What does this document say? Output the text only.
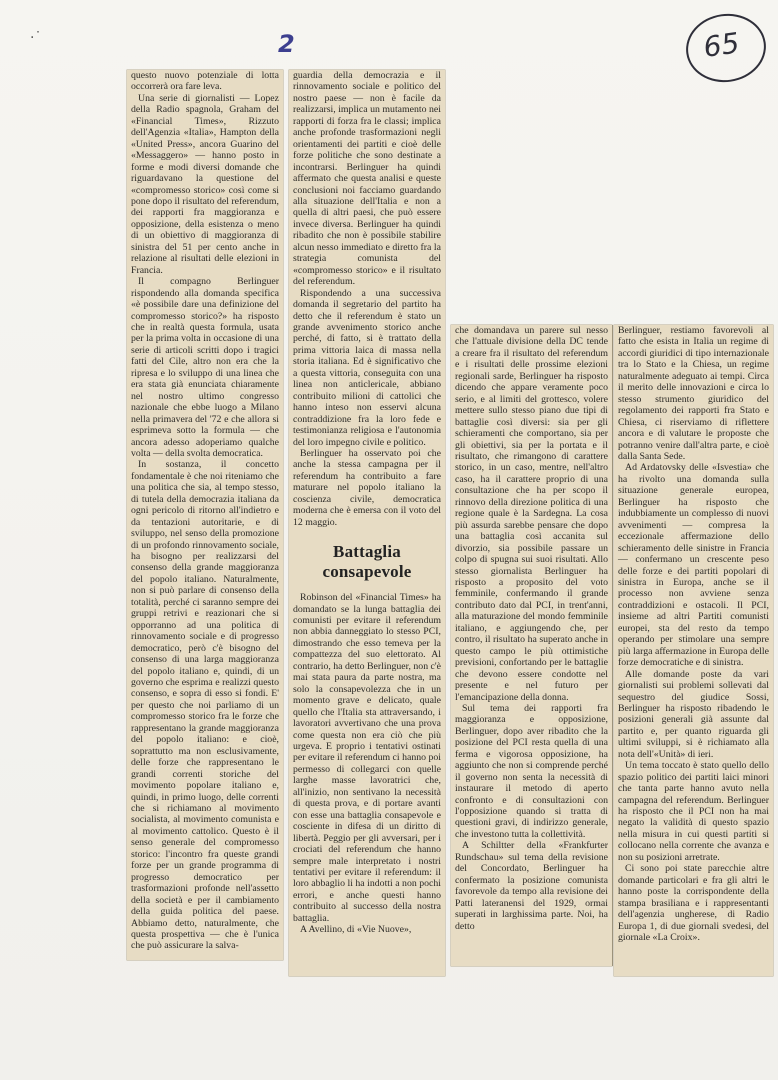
·˙	2	65

questo nuovo potenziale di lotta occorrerà ora fare leva.

Una serie di giornalisti — Lopez della Radio spagnola, Graham del «Financial Times», Rizzuto dell'Agenzia «Italia», Hampton della «United Press», ancora Guarino del «Messaggero» — hanno posto in forme e modi diversi domande che riguardavano la questione del «compromesso storico» così come si pone dopo il risultato del referendum, dei rapporti fra maggioranza e opposizione, della esistenza o meno di un obiettivo di maggioranza di sinistra del 51 per cento anche in relazione al risultati delle elezioni in Francia.

Il compagno Berlinguer rispondendo alla domanda specifica «è possibile dare una definizione del compromesso storico?» ha risposto che in realtà questa formula, usata per la prima volta in occasione di una serie di articoli scritti dopo i tragici fatti del Cile, altro non era che la ripresa e lo sviluppo di una linea che era stata già enunciata chiaramente nel nostro ultimo congresso nazionale che ebbe luogo a Milano nella primavera del '72 e che allora si esprimeva sotto la formula — che ancora adesso adoperiamo qualche volta — della svolta democratica.

In sostanza, il concetto fondamentale è che noi riteniamo che una politica che sia, al tempo stesso, di tutela della democrazia italiana da ogni pericolo di ritorno all'indietro e da tentazioni autoritarie, e di sviluppo, nel senso della promozione di un profondo rinnovamento sociale, ha bisogno per realizzarsi del consenso della grande maggioranza del popolo italiano. Naturalmente, non si può parlare di consenso della totalità, perché ci saranno sempre dei gruppi retrivi e reazionari che si opporranno ad una politica di rinnovamento sociale e di progresso democratico, però c'è bisogno del consenso di una larga maggioranza del popolo italiano e, quindi, di un governo che esprima e realizzi questo consenso, e sopra di esso si fondi. E' per questo che noi parliamo di un compromesso storico fra le forze che rappresentano la grande maggioranza del popolo italiano: e cioè, soprattutto ma non esclusivamente, delle forze che rappresentano le grandi correnti storiche del movimento popolare italiano e, quindi, in primo luogo, delle correnti che si richiamano al movimento socialista, al movimento comunista e al movimento cattolico. Questo è il senso generale del compromesso storico: l'incontro fra queste grandi forze per un grande programma di progresso democratico per trasformazioni profonde nell'assetto della società e per il cambiamento della guida politica del paese. Abbiamo detto, naturalmente, che questa prospettiva — che è l'unica che può assicurare la salva-

guardia della democrazia e il rinnovamento sociale e politico del nostro paese — non è facile da realizzarsi, implica un mutamento nei rapporti di forza fra le classi; implica anche profonde trasformazioni negli orientamenti dei partiti e cioè delle forze politiche che sono destinate a incontrarsi. Berlinguer ha quindi affermato che questa analisi e queste conclusioni noi facciamo guardando alla situazione dell'Italia e non a quella di altri paesi, che può essere invece diversa. Berlinguer ha quindi ribadito che non è possibile stabilire alcun nesso immediato e diretto fra la strategia comunista del «compromesso storico» e il risultato del referendum.

Rispondendo a una successiva domanda il segretario del partito ha detto che il referendum è stato un grande avvenimento storico anche perché, di fatto, si è trattato della prima vittoria laica di massa nella storia italiana. Ed è significativo che a questa vittoria, conseguita con una linea non anticlericale, abbiano contribuito milioni di cattolici che hanno inteso non esservi alcuna contraddizione fra la loro fede e testimonianza religiosa e l'autonomia del loro impegno civile e politico.

Berlinguer ha osservato poi che anche la stessa campagna per il referendum ha contribuito a fare maturare nel popolo italiano la coscienza civile, democratica moderna che è emersa con il voto del 12 maggio.

Battaglia
consapevole

Robinson del «Financial Times» ha domandato se la lunga battaglia dei comunisti per evitare il referendum non abbia danneggiato lo stesso PCI, dimostrando che esso temeva per la compattezza del suo elettorato. Al contrario, ha detto Berlinguer, non c'è mai stata paura da parte nostra, ma solo la consapevolezza che in un momento grave e delicato, quale quello che l'Italia sta attraversando, i lavoratori avvertivano che una prova come questa non era ciò che più urgeva. E proprio i tentativi ostinati per evitare il referendum ci hanno poi permesso di collegarci con quelle larghe masse lavoratrici che, all'inizio, non sentivano la necessità di questa prova, e di portare avanti con esse una battaglia consapevole e cosciente in difesa di un diritto di libertà. Peggio per gli avversari, per i crociati del referendum che hanno sempre male interpretato i nostri tentativi per evitare il referendum: il loro abbaglio li ha indotti a non pochi errori, e anche questi hanno contribuito al successo della nostra battaglia.

A Avellino, di «Vie Nuove»,

che domandava un parere sul nesso che l'attuale divisione della DC tende a creare fra il risultato del referendum e i risultati delle prossime elezioni regionali sarde, Berlinguer ha risposto dicendo che appare veramente poco serio, e al limiti del grottesco, volere mettere sullo stesso piano due tipi di battaglie così diversi: sia per gli schieramenti che comportano, sia per gli obiettivi, sia per la portata e il risultato, che rimangono di carattere storico, in un caso, mentre, nell'altro caso, ha il carattere proprio di una consultazione che ha per scopo il rinnovo della direzione politica di una regione quale è la Sardegna. La cosa più assurda sarebbe pensare che dopo una battaglia così accanita sul divorzio, sia possibile passare un colpo di spugna sui suoi risultati. Allo stesso giornalista Berlinguer ha risposto a proposito del voto femminile, confermando il grande contributo dato dal PCI, in trent'anni, alla maturazione del mondo femminile italiano, e aggiungendo che, per contro, il risultato ha superato anche in questo campo le più ottimistiche previsioni, confortando per le battaglie che devono essere condotte nel presente e nel futuro per l'emancipazione della donna.

Sul tema dei rapporti fra maggioranza e opposizione, Berlinguer, dopo aver ribadito che la posizione del PCI resta quella di una ferma e vigorosa opposizione, ha aggiunto che non si comprende perché il governo non senta la necessità di instaurare il metodo di aperto confronto e di consultazioni con l'opposizione quando si tratta di questioni gravi, di indirizzo generale, che investono tutta la collettività.

A Schiltter della «Frankfurter Rundschau» sul tema della revisione del Concordato, Berlinguer ha confermato la posizione comunista favorevole da tempo alla revisione dei Patti lateranensi del 1929, ormai superati in larghissima parte. Noi, ha detto

Berlinguer, restiamo favorevoli al fatto che esista in Italia un regime di accordi giuridici di tipo internazionale tra lo Stato e la Chiesa, un regime naturalmente adeguato ai tempi. Circa il merito delle innovazioni e circa lo stesso strumento giuridico del regolamento dei rapporti fra Stato e Chiesa, ci riserviamo di riflettere ancora e di valutare le proposte che potranno venire dall'altra parte, e cioè dalla Santa Sede.

Ad Ardatovsky delle «Isvestia» che ha rivolto una domanda sulla situazione generale europea, Berlinguer ha risposto che indubbiamente un complesso di nuovi avvenimenti — compresa la eccezionale affermazione dello schieramento delle sinistre in Francia — confermano un crescente peso delle forze e dei partiti popolari di sinistra in Europa, anche se il processo non avviene senza contraddizioni e ostacoli. Il PCI, insieme ad altri Partiti comunisti europei, sta del resto da tempo operando per stimolare una sempre più larga affermazione in Europa delle forze democratiche e di sinistra.

Alle domande poste da vari giornalisti sui problemi sollevati dal sequestro del giudice Sossi, Berlinguer ha risposto ribadendo le posizioni generali già assunte dal partito e, per quanto riguarda gli ultimi sviluppi, si è richiamato alla nota dell'«Unità» di ieri.

Un tema toccato è stato quello dello spazio politico dei partiti laici minori che tanta parte hanno avuto nella campagna del referendum. Berlinguer ha risposto che il PCI non ha mai negato la validità di questo spazio nella misura in cui questi partiti si collocano nella corrente che avanza e non su posizioni arretrate.

Ci sono poi state parecchie altre domande particolari e fra gli altri le hanno poste la corrispondente della stampa brasiliana e i rappresentanti dell'agenzia ungherese, di Radio Europa 1, di due giornali svedesi, del giornale «La Croix».
